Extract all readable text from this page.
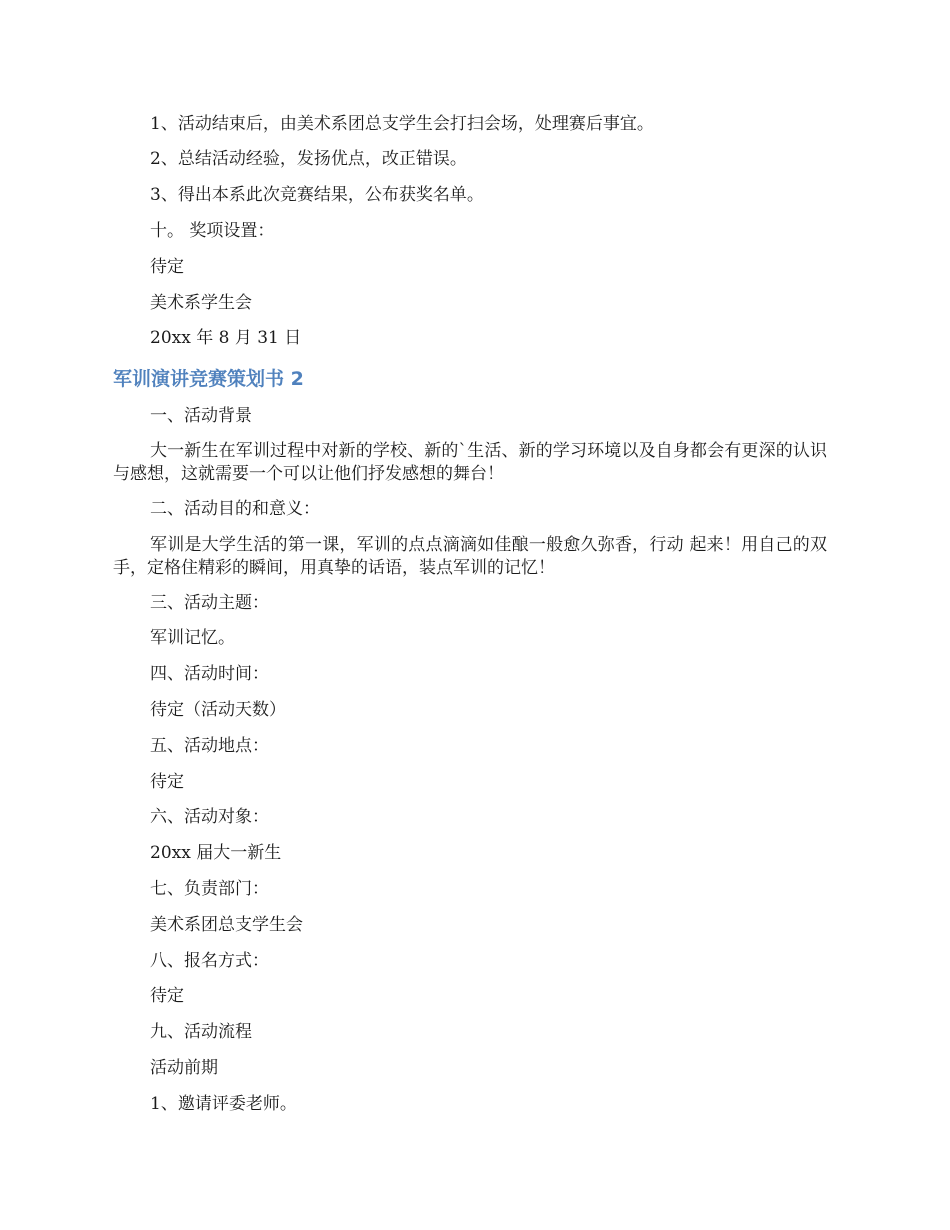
1、活动结束后，由美术系团总支学生会打扫会场，处理赛后事宜。

2、总结活动经验，发扬优点，改正错误。

3、得出本系此次竞赛结果，公布获奖名单。

十。 奖项设置：

待定

美术系学生会

20xx 年 8 月 31 日

军训演讲竞赛策划书 2

一、活动背景

大一新生在军训过程中对新的学校、新的`生活、新的学习环境以及自身都会有更深的认识与感想，这就需要一个可以让他们抒发感想的舞台！

二、活动目的和意义：

军训是大学生活的第一课，军训的点点滴滴如佳酿一般愈久弥香，行动 起来！用自己的双手，定格住精彩的瞬间，用真挚的话语，装点军训的记忆！

三、活动主题：

军训记忆。

四、活动时间：

待定（活动天数）

五、活动地点：

待定

六、活动对象：

20xx 届大一新生

七、负责部门：

美术系团总支学生会

八、报名方式：

待定

九、活动流程

活动前期

1、邀请评委老师。
